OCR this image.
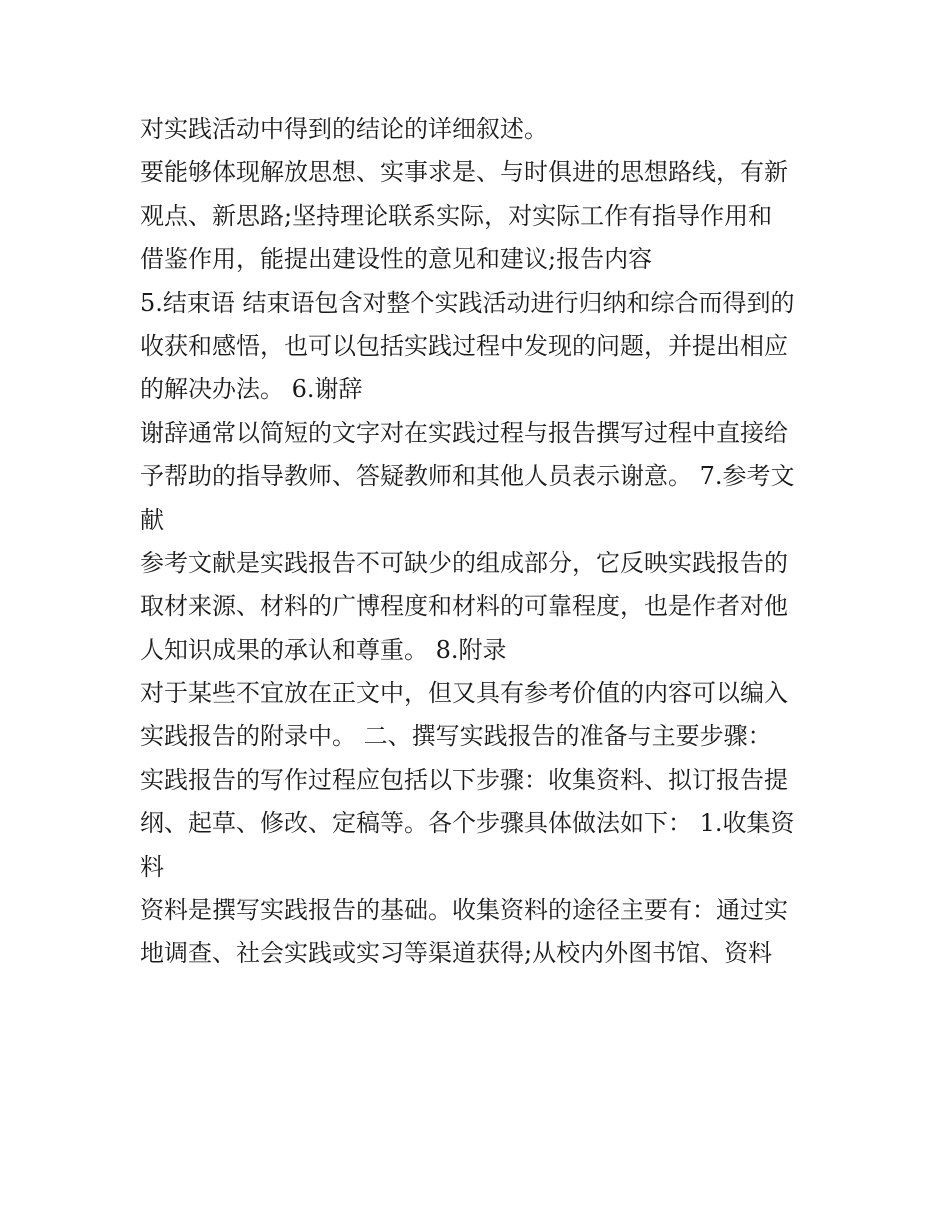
对实践活动中得到的结论的详细叙述。
要能够体现解放思想、实事求是、与时俱进的思想路线，有新
观点、新思路;坚持理论联系实际，对实际工作有指导作用和
借鉴作用，能提出建设性的意见和建议;报告内容
5.结束语 结束语包含对整个实践活动进行归纳和综合而得到的
收获和感悟，也可以包括实践过程中发现的问题，并提出相应
的解决办法。 6.谢辞
谢辞通常以简短的文字对在实践过程与报告撰写过程中直接给
予帮助的指导教师、答疑教师和其他人员表示谢意。 7.参考文
献
参考文献是实践报告不可缺少的组成部分，它反映实践报告的
取材来源、材料的广博程度和材料的可靠程度，也是作者对他
人知识成果的承认和尊重。 8.附录
对于某些不宜放在正文中，但又具有参考价值的内容可以编入
实践报告的附录中。 二、撰写实践报告的准备与主要步骤：
实践报告的写作过程应包括以下步骤：收集资料、拟订报告提
纲、起草、修改、定稿等。各个步骤具体做法如下： 1.收集资
料
资料是撰写实践报告的基础。收集资料的途径主要有：通过实
地调查、社会实践或实习等渠道获得;从校内外图书馆、资料
